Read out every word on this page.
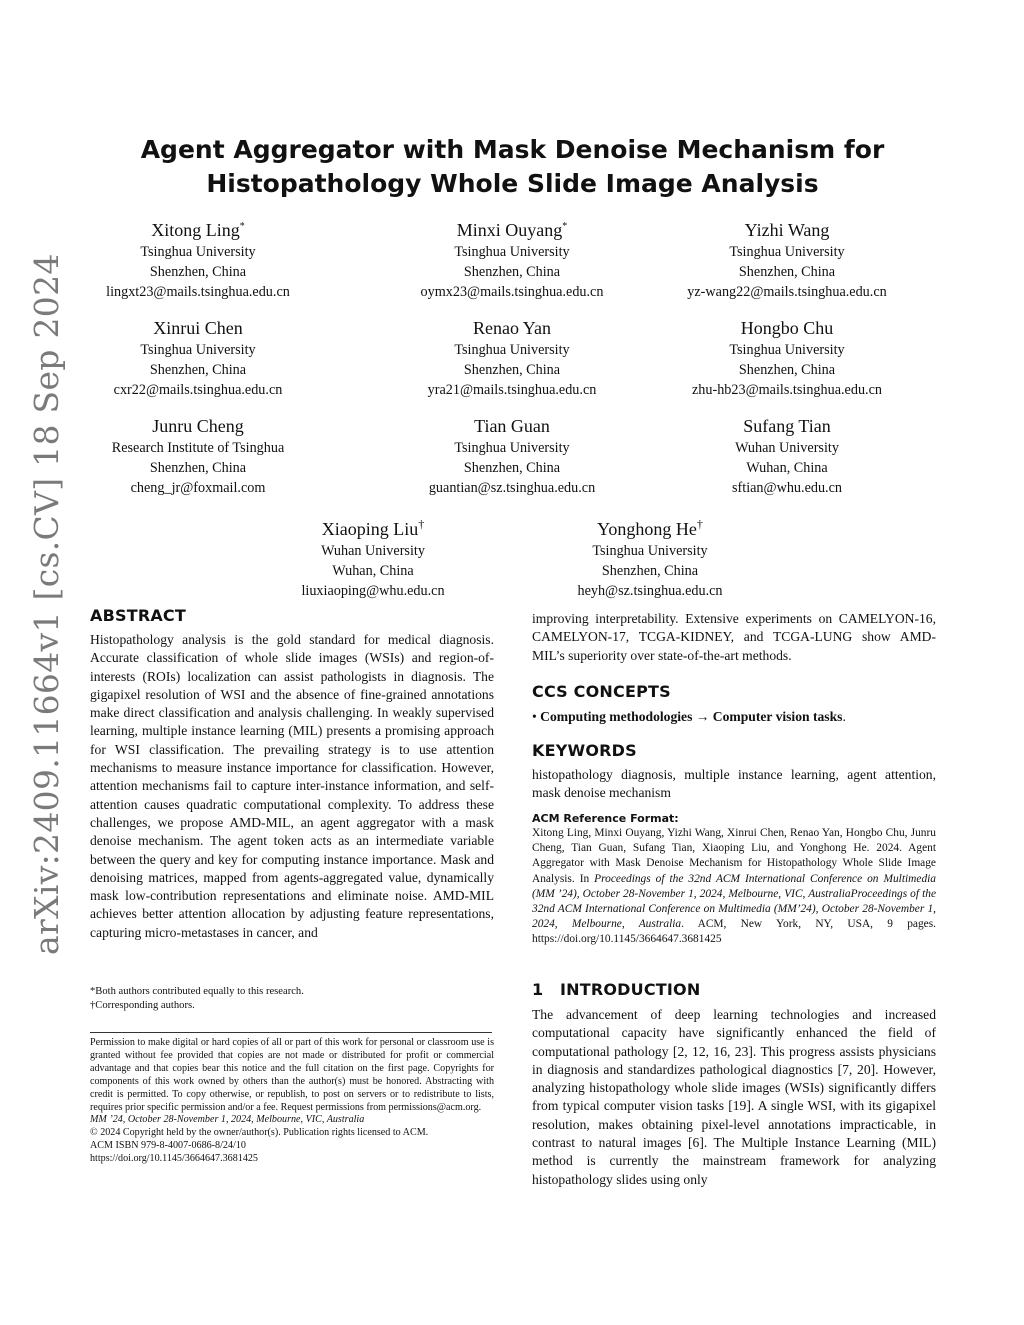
arXiv:2409.11664v1 [cs.CV] 18 Sep 2024
Agent Aggregator with Mask Denoise Mechanism for
Histopathology Whole Slide Image Analysis
Xitong Ling*
Tsinghua University
Shenzhen, China
lingxt23@mails.tsinghua.edu.cn
Minxi Ouyang*
Tsinghua University
Shenzhen, China
oymx23@mails.tsinghua.edu.cn
Yizhi Wang
Tsinghua University
Shenzhen, China
yz-wang22@mails.tsinghua.edu.cn
Xinrui Chen
Tsinghua University
Shenzhen, China
cxr22@mails.tsinghua.edu.cn
Renao Yan
Tsinghua University
Shenzhen, China
yra21@mails.tsinghua.edu.cn
Hongbo Chu
Tsinghua University
Shenzhen, China
zhu-hb23@mails.tsinghua.edu.cn
Junru Cheng
Research Institute of Tsinghua
Shenzhen, China
cheng_jr@foxmail.com
Tian Guan
Tsinghua University
Shenzhen, China
guantian@sz.tsinghua.edu.cn
Sufang Tian
Wuhan University
Wuhan, China
sftian@whu.edu.cn
Xiaoping Liu†
Wuhan University
Wuhan, China
liuxiaoping@whu.edu.cn
Yonghong He†
Tsinghua University
Shenzhen, China
heyh@sz.tsinghua.edu.cn
ABSTRACT

Histopathology analysis is the gold standard for medical diagnosis. Accurate classification of whole slide images (WSIs) and region-of-interests (ROIs) localization can assist pathologists in diagnosis. The gigapixel resolution of WSI and the absence of fine-grained annotations make direct classification and analysis challenging. In weakly supervised learning, multiple instance learning (MIL) presents a promising approach for WSI classification. The prevailing strategy is to use attention mechanisms to measure instance importance for classification. However, attention mechanisms fail to capture inter-instance information, and self-attention causes quadratic computational complexity. To address these challenges, we propose AMD-MIL, an agent aggregator with a mask denoise mechanism. The agent token acts as an intermediate variable between the query and key for computing instance importance. Mask and denoising matrices, mapped from agents-aggregated value, dynamically mask low-contribution representations and eliminate noise. AMD-MIL achieves better attention allocation by adjusting feature representations, capturing micro-metastases in cancer, and

*Both authors contributed equally to this research.
†Corresponding authors.
Permission to make digital or hard copies of all or part of this work for personal or classroom use is granted without fee provided that copies are not made or distributed for profit or commercial advantage and that copies bear this notice and the full citation on the first page. Copyrights for components of this work owned by others than the author(s) must be honored. Abstracting with credit is permitted. To copy otherwise, or republish, to post on servers or to redistribute to lists, requires prior specific permission and/or a fee. Request permissions from permissions@acm.org.
MM ’24, October 28-November 1, 2024, Melbourne, VIC, Australia
© 2024 Copyright held by the owner/author(s). Publication rights licensed to ACM.
ACM ISBN 979-8-4007-0686-8/24/10
https://doi.org/10.1145/3664647.3681425

improving interpretability. Extensive experiments on CAMELYON-16, CAMELYON-17, TCGA-KIDNEY, and TCGA-LUNG show AMD-MIL’s superiority over state-of-the-art methods.

CCS CONCEPTS
• Computing methodologies → Computer vision tasks.
KEYWORDS

histopathology diagnosis, multiple instance learning, agent attention, mask denoise mechanism

ACM Reference Format:
Xitong Ling, Minxi Ouyang, Yizhi Wang, Xinrui Chen, Renao Yan, Hongbo Chu, Junru Cheng, Tian Guan, Sufang Tian, Xiaoping Liu, and Yonghong He. 2024. Agent Aggregator with Mask Denoise Mechanism for Histopathology Whole Slide Image Analysis. In Proceedings of the 32nd ACM International Conference on Multimedia (MM ’24), October 28-November 1, 2024, Melbourne, VIC, AustraliaProceedings of the 32nd ACM International Conference on Multimedia (MM’24), October 28-November 1, 2024, Melbourne, Australia. ACM, New York, NY, USA, 9 pages. https://doi.org/10.1145/3664647.3681425
1 INTRODUCTION

The advancement of deep learning technologies and increased computational capacity have significantly enhanced the field of computational pathology [2, 12, 16, 23]. This progress assists physicians in diagnosis and standardizes pathological diagnostics [7, 20]. However, analyzing histopathology whole slide images (WSIs) significantly differs from typical computer vision tasks [19]. A single WSI, with its gigapixel resolution, makes obtaining pixel-level annotations impracticable, in contrast to natural images [6]. The Multiple Instance Learning (MIL) method is currently the mainstream framework for analyzing histopathology slides using only
